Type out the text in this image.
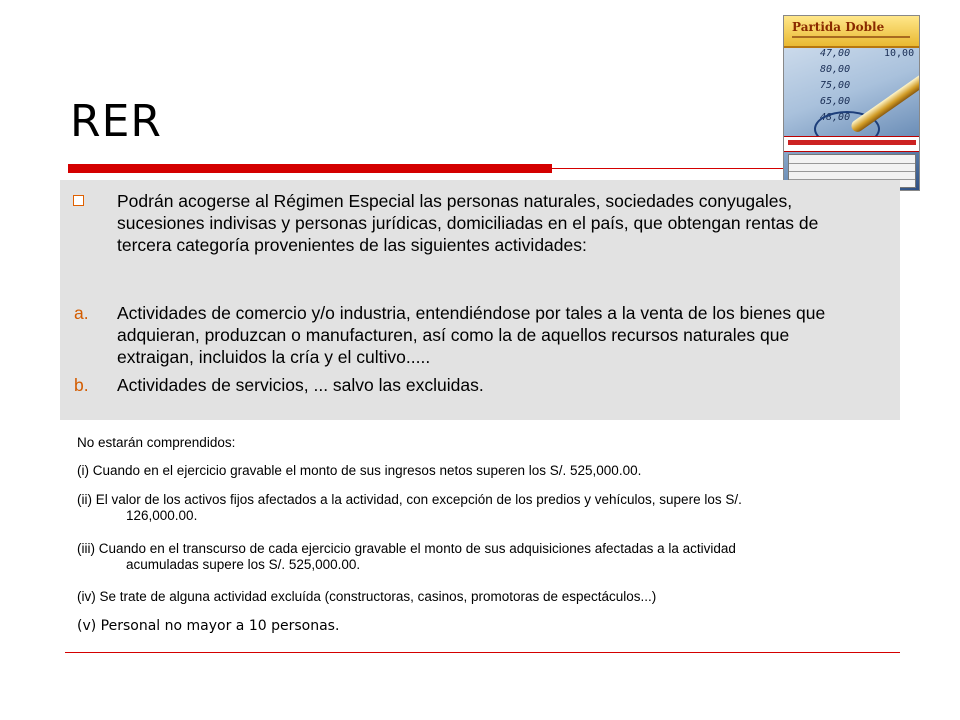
RER
Partida Doble
47,00
80,00
75,00
65,00
48,00
10,00
Podrán acogerse al Régimen Especial las personas naturales, sociedades conyugales, sucesiones indivisas y personas jurídicas, domiciliadas en el país, que obtengan rentas de tercera categoría provenientes de las siguientes actividades:
a. Actividades de comercio y/o industria, entendiéndose por tales a la venta de los bienes que adquieran, produzcan o manufacturen, así como la de aquellos recursos naturales que extraigan, incluidos la cría y el cultivo.....
b. Actividades de servicios, ... salvo las excluidas.
No estarán comprendidos:
(i) Cuando en el ejercicio gravable el monto de sus ingresos netos superen los S/. 525,000.00.
(ii) El valor de los activos fijos afectados a la actividad, con excepción de los predios y vehículos, supere los S/.
126,000.00.
(iii) Cuando en el transcurso de cada ejercicio gravable el monto de sus adquisiciones afectadas a la actividad
acumuladas supere los S/. 525,000.00.
(iv) Se trate de alguna actividad excluída (constructoras, casinos, promotoras de espectáculos...)
(v) Personal no mayor a 10 personas.
